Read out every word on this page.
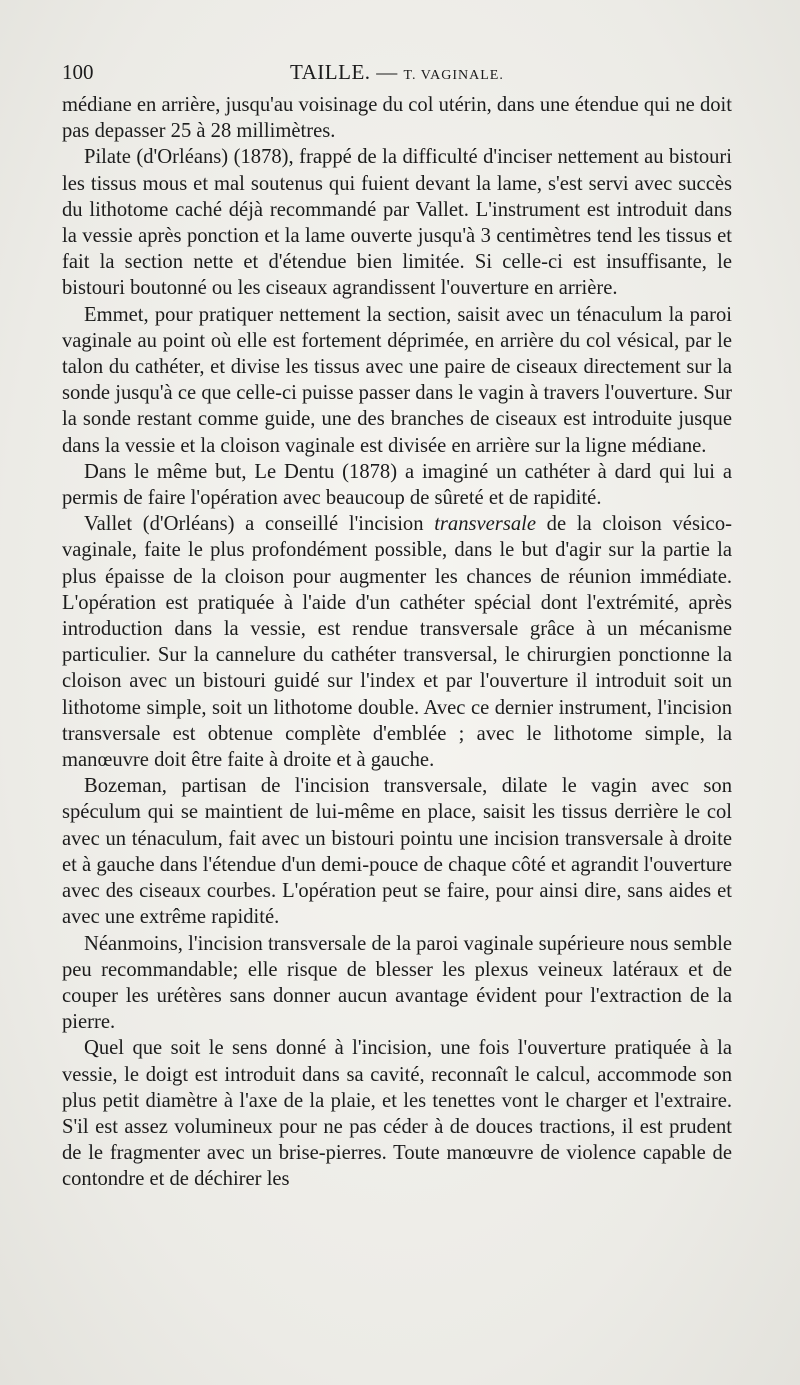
100	TAILLE. — T. VAGINALE.

médiane en arrière, jusqu'au voisinage du col utérin, dans une étendue qui ne doit pas depasser 25 à 28 millimètres.

Pilate (d'Orléans) (1878), frappé de la difficulté d'inciser nettement au bistouri les tissus mous et mal soutenus qui fuient devant la lame, s'est servi avec succès du lithotome caché déjà recommandé par Vallet. L'instrument est introduit dans la vessie après ponction et la lame ouverte jusqu'à 3 centimètres tend les tissus et fait la section nette et d'étendue bien limitée. Si celle-ci est insuffisante, le bistouri boutonné ou les ciseaux agrandissent l'ouverture en arrière.

Emmet, pour pratiquer nettement la section, saisit avec un ténaculum la paroi vaginale au point où elle est fortement déprimée, en arrière du col vésical, par le talon du cathéter, et divise les tissus avec une paire de ciseaux directement sur la sonde jusqu'à ce que celle-ci puisse passer dans le vagin à travers l'ouverture. Sur la sonde restant comme guide, une des branches de ciseaux est introduite jusque dans la vessie et la cloison vaginale est divisée en arrière sur la ligne médiane.

Dans le même but, Le Dentu (1878) a imaginé un cathéter à dard qui lui a permis de faire l'opération avec beaucoup de sûreté et de rapidité.

Vallet (d'Orléans) a conseillé l'incision transversale de la cloison vésico-vaginale, faite le plus profondément possible, dans le but d'agir sur la partie la plus épaisse de la cloison pour augmenter les chances de réunion immédiate. L'opération est pratiquée à l'aide d'un cathéter spécial dont l'extrémité, après introduction dans la vessie, est rendue transversale grâce à un mécanisme particulier. Sur la cannelure du cathéter transversal, le chirurgien ponctionne la cloison avec un bistouri guidé sur l'index et par l'ouverture il introduit soit un lithotome simple, soit un lithotome double. Avec ce dernier instrument, l'incision transversale est obtenue complète d'emblée ; avec le lithotome simple, la manœuvre doit être faite à droite et à gauche.

Bozeman, partisan de l'incision transversale, dilate le vagin avec son spéculum qui se maintient de lui-même en place, saisit les tissus derrière le col avec un ténaculum, fait avec un bistouri pointu une incision transversale à droite et à gauche dans l'étendue d'un demi-pouce de chaque côté et agrandit l'ouverture avec des ciseaux courbes. L'opération peut se faire, pour ainsi dire, sans aides et avec une extrême rapidité.

Néanmoins, l'incision transversale de la paroi vaginale supérieure nous semble peu recommandable; elle risque de blesser les plexus veineux latéraux et de couper les urétères sans donner aucun avantage évident pour l'extraction de la pierre.

Quel que soit le sens donné à l'incision, une fois l'ouverture pratiquée à la vessie, le doigt est introduit dans sa cavité, reconnaît le calcul, accommode son plus petit diamètre à l'axe de la plaie, et les tenettes vont le charger et l'extraire. S'il est assez volumineux pour ne pas céder à de douces tractions, il est prudent de le fragmenter avec un brise-pierres. Toute manœuvre de violence capable de contondre et de déchirer les
